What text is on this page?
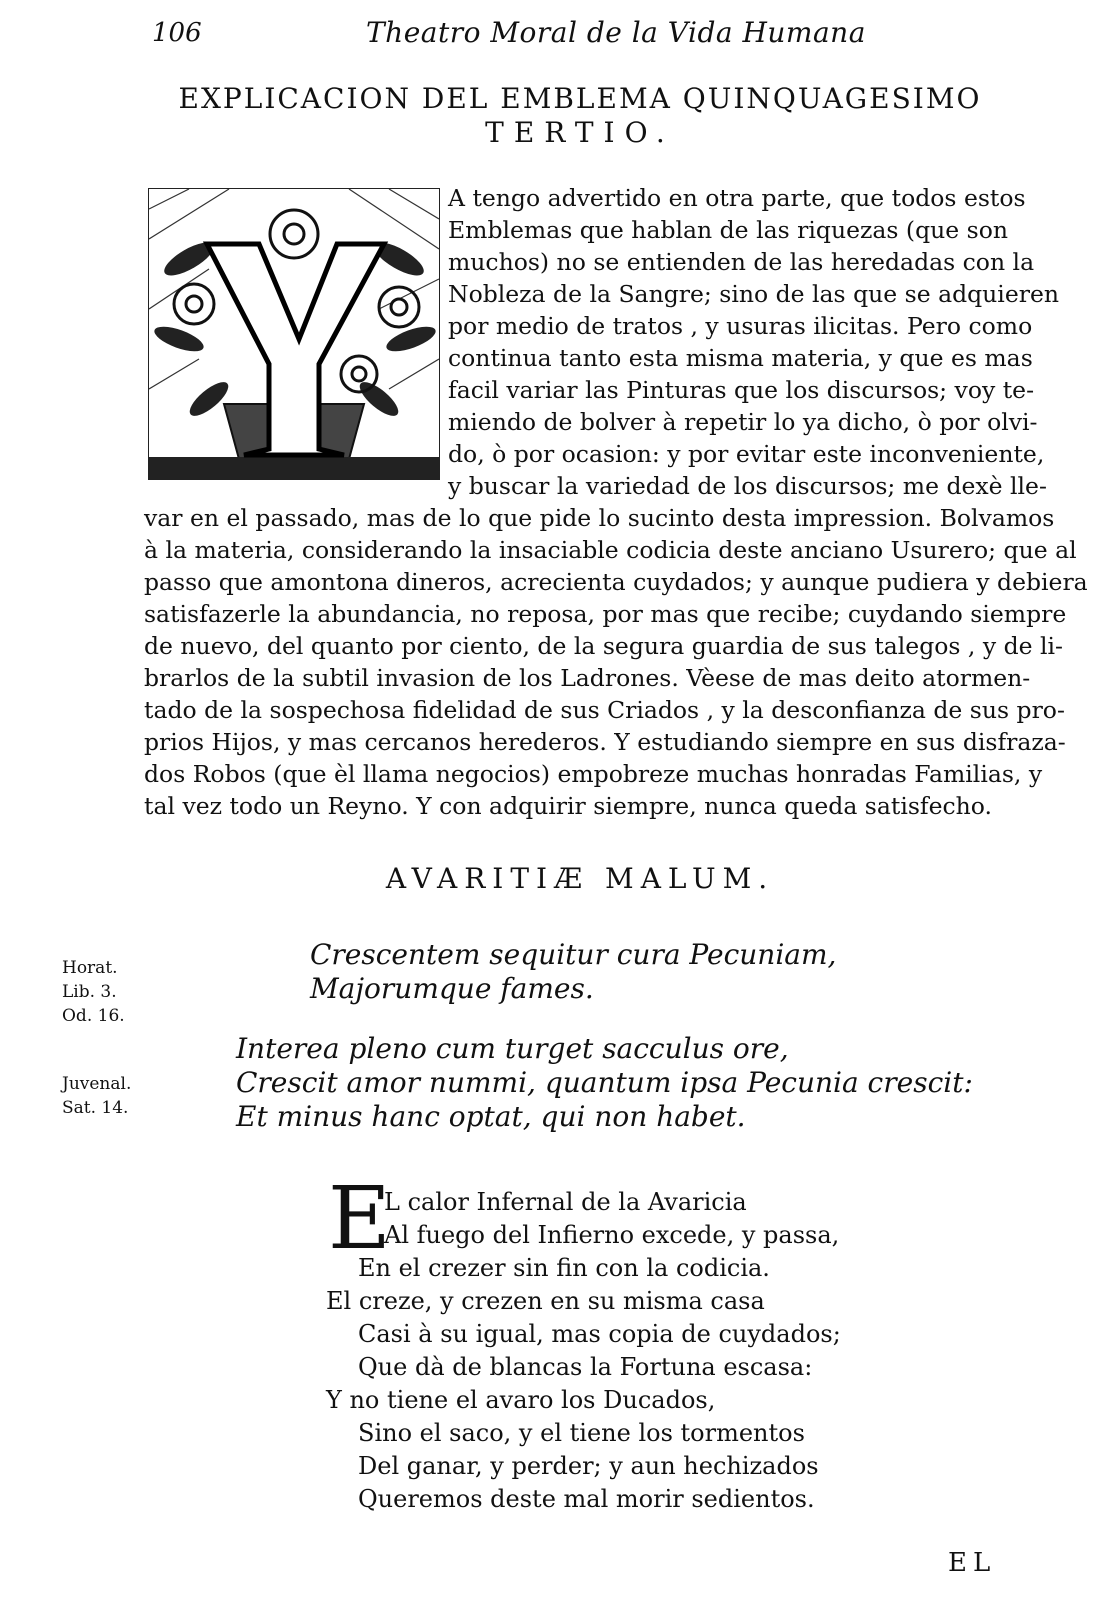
106	Theatro Moral de la Vida Humana
EXPLICACION DEL EMBLEMA QUINQUAGESIMO
TERTIO.
A tengo advertido en otra parte, que todos estos
Emblemas que hablan de las riquezas (que son
muchos) no se entienden de las heredadas con la
Nobleza de la Sangre; sino de las que se adquieren
por medio de tratos , y usuras ilicitas. Pero como
continua tanto esta misma materia, y que es mas
facil variar las Pinturas que los discursos; voy te-
miendo de bolver à repetir lo ya dicho, ò por olvi-
do, ò por ocasion: y por evitar este inconveniente,
y buscar la variedad de los discursos; me dexè lle-
var en el passado, mas de lo que pide lo sucinto desta impression. Bolvamos
à la materia, considerando la insaciable codicia deste anciano Usurero; que al
passo que amontona dineros, acrecienta cuydados; y aunque pudiera y debiera
satisfazerle la abundancia, no reposa, por mas que recibe; cuydando siempre
de nuevo, del quanto por ciento, de la segura guardia de sus talegos , y de li-
brarlos de la subtil invasion de los Ladrones. Vèese de mas deito atormen-
tado de la sospechosa fidelidad de sus Criados , y la desconfianza de sus pro-
prios Hijos, y mas cercanos herederos. Y estudiando siempre en sus disfraza-
dos Robos (que èl llama negocios) empobreze muchas honradas Familias, y
tal vez todo un Reyno. Y con adquirir siempre, nunca queda satisfecho.
AVARITIÆ MALUM.
Horat.
Lib. 3.
Od. 16.
Crescentem sequitur cura Pecuniam,
Majorumque fames.
Juvenal.
Sat. 14.
Interea pleno cum turget sacculus ore,
Crescit amor nummi, quantum ipsa Pecunia crescit:
Et minus hanc optat, qui non habet.
E
L calor Infernal de la Avaricia
Al fuego del Infierno excede, y passa,
En el crezer sin fin con la codicia.
El creze, y crezen en su misma casa
Casi à su igual, mas copia de cuydados;
Que dà de blancas la Fortuna escasa:
Y no tiene el avaro los Ducados,
Sino el saco, y el tiene los tormentos
Del ganar, y perder; y aun hechizados
Queremos deste mal morir sedientos.
EL
